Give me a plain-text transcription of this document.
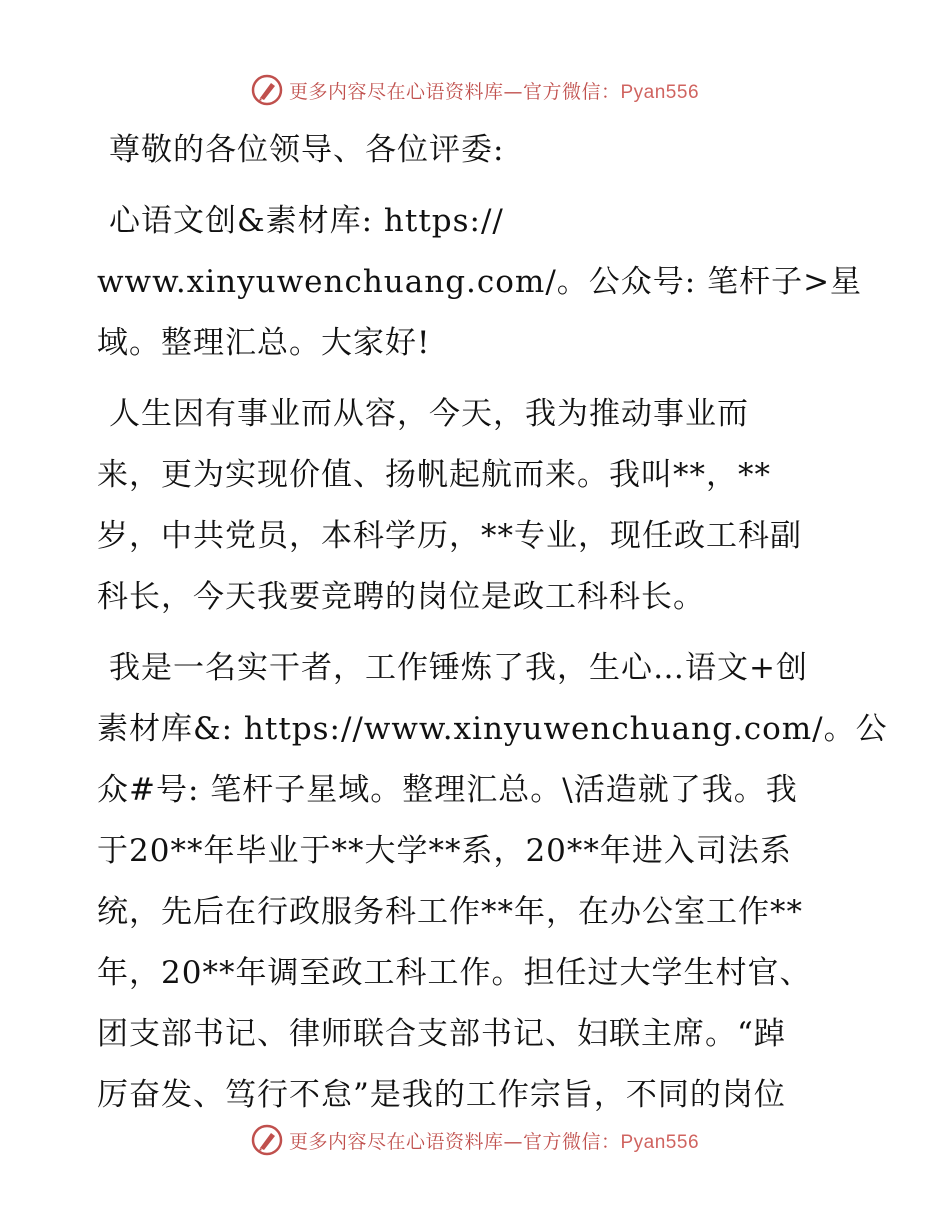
更多内容尽在心语资料库—官方微信：Pyan556
尊敬的各位领导、各位评委:
心语文创&素材库: https://
www.xinyuwenchuang.com/。公众号: 笔杆子>星
域。整理汇总。大家好!
人生因有事业而从容，今天，我为推动事业而
来，更为实现价值、扬帆起航而来。我叫**，**
岁，中共党员，本科学历，**专业，现任政工科副
科长，今天我要竞聘的岗位是政工科科长。
我是一名实干者，工作锤炼了我，生心…语文+创
素材库&: https://www.xinyuwenchuang.com/。公
众#号: 笔杆子星域。整理汇总。\活造就了我。我
于20**年毕业于**大学**系，20**年进入司法系
统，先后在行政服务科工作**年，在办公室工作**
年，20**年调至政工科工作。担任过大学生村官、
团支部书记、律师联合支部书记、妇联主席。“踔
厉奋发、笃行不怠”是我的工作宗旨，不同的岗位
更多内容尽在心语资料库—官方微信：Pyan556
